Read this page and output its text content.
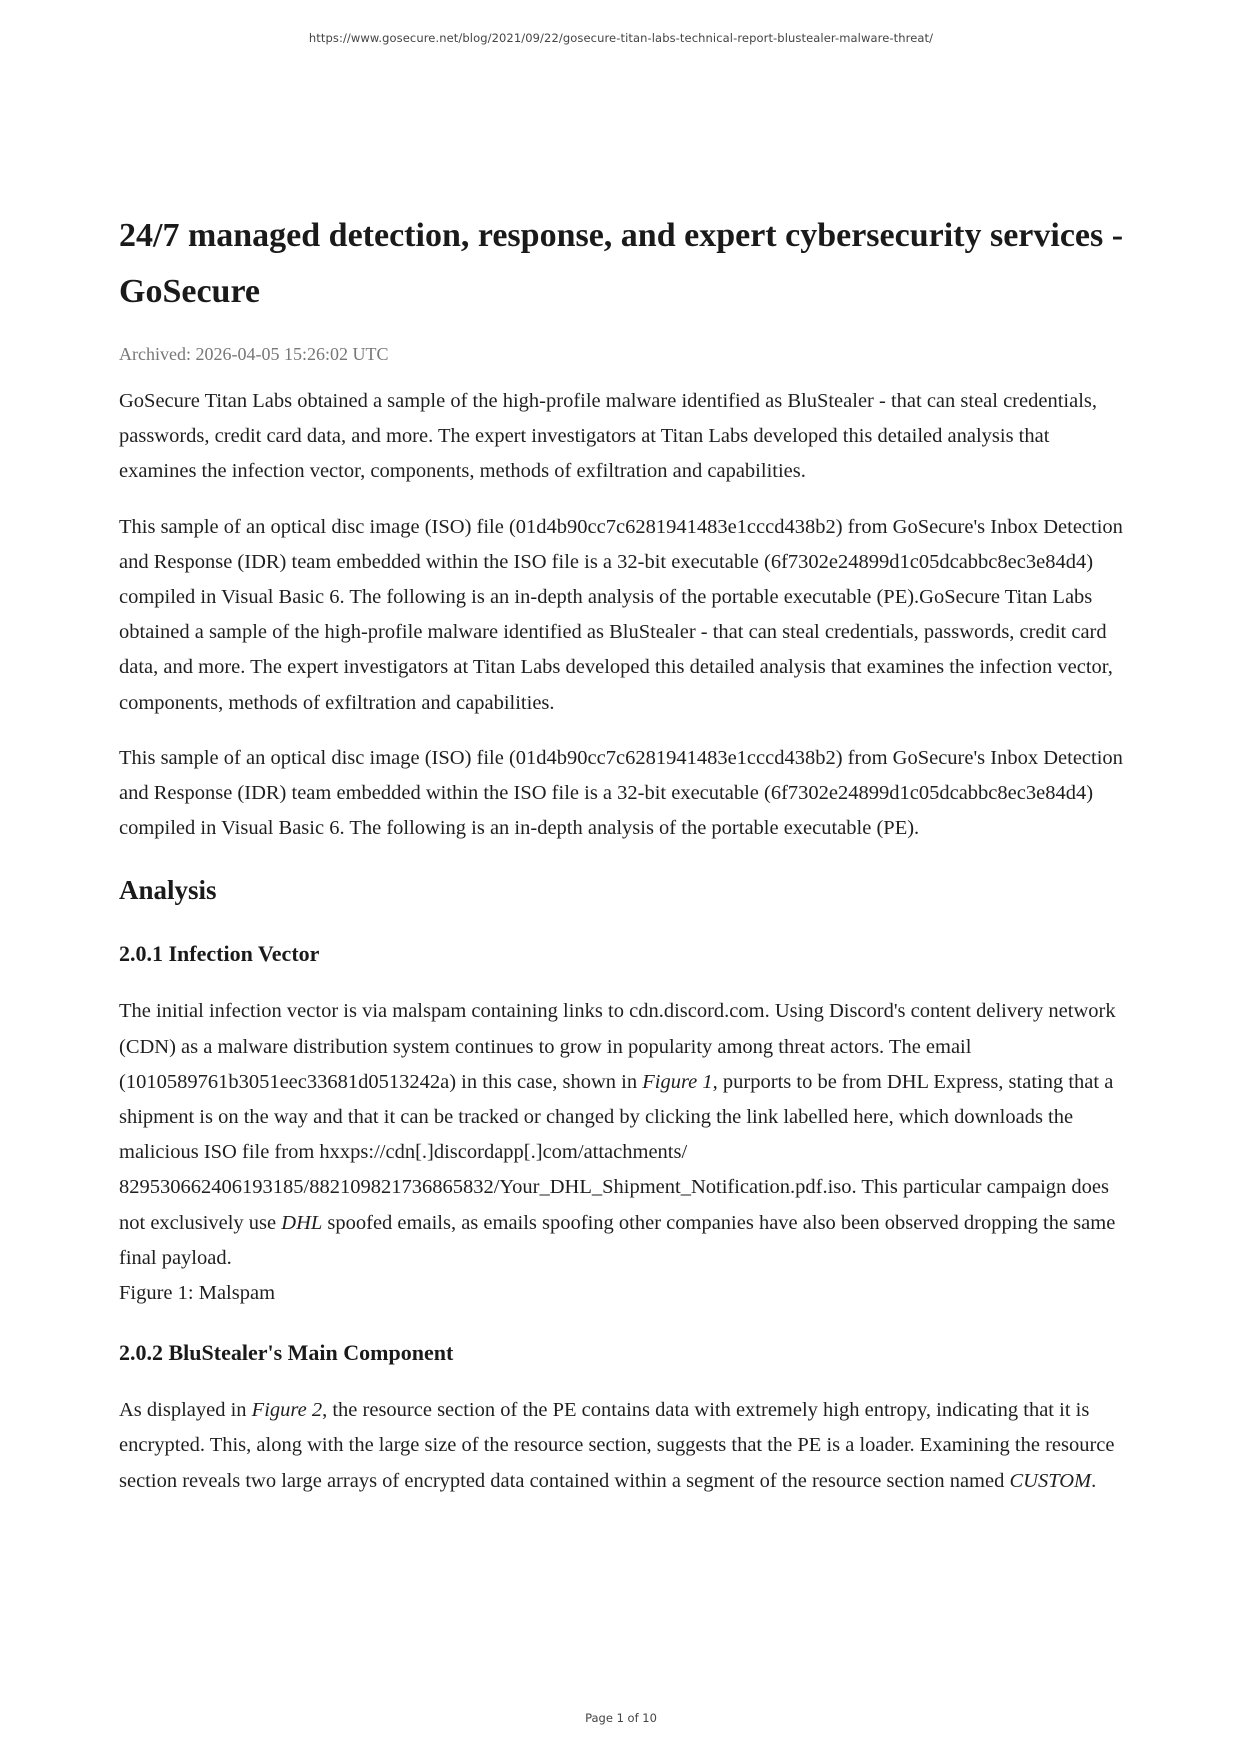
https://www.gosecure.net/blog/2021/09/22/gosecure-titan-labs-technical-report-blustealer-malware-threat/
24/7 managed detection, response, and expert cybersecurity services - GoSecure
Archived: 2026-04-05 15:26:02 UTC

GoSecure Titan Labs obtained a sample of the high-profile malware identified as BluStealer - that can steal credentials, passwords, credit card data, and more. The expert investigators at Titan Labs developed this detailed analysis that examines the infection vector, components, methods of exfiltration and capabilities.

This sample of an optical disc image (ISO) file (01d4b90cc7c6281941483e1cccd438b2) from GoSecure's Inbox Detection and Response (IDR) team embedded within the ISO file is a 32-bit executable (6f7302e24899d1c05dcabbc8ec3e84d4) compiled in Visual Basic 6. The following is an in-depth analysis of the portable executable (PE).GoSecure Titan Labs obtained a sample of the high-profile malware identified as BluStealer - that can steal credentials, passwords, credit card data, and more. The expert investigators at Titan Labs developed this detailed analysis that examines the infection vector, components, methods of exfiltration and capabilities.

This sample of an optical disc image (ISO) file (01d4b90cc7c6281941483e1cccd438b2) from GoSecure's Inbox Detection and Response (IDR) team embedded within the ISO file is a 32-bit executable (6f7302e24899d1c05dcabbc8ec3e84d4) compiled in Visual Basic 6. The following is an in-depth analysis of the portable executable (PE).

Analysis
2.0.1 Infection Vector

The initial infection vector is via malspam containing links to cdn.discord.com. Using Discord's content delivery network (CDN) as a malware distribution system continues to grow in popularity among threat actors. The email (1010589761b3051eec33681d0513242a) in this case, shown in Figure 1, purports to be from DHL Express, stating that a shipment is on the way and that it can be tracked or changed by clicking the link labelled here, which downloads the malicious ISO file from hxxps://cdn[.]discordapp[.]com/attachments/
829530662406193185/882109821736865832/Your_DHL_Shipment_Notification.pdf.iso. This particular campaign does not exclusively use DHL spoofed emails, as emails spoofing other companies have also been observed dropping the same final payload.

Figure 1: Malspam
2.0.2 BluStealer's Main Component

As displayed in Figure 2, the resource section of the PE contains data with extremely high entropy, indicating that it is encrypted. This, along with the large size of the resource section, suggests that the PE is a loader. Examining the resource section reveals two large arrays of encrypted data contained within a segment of the resource section named CUSTOM.

Page 1 of 10
